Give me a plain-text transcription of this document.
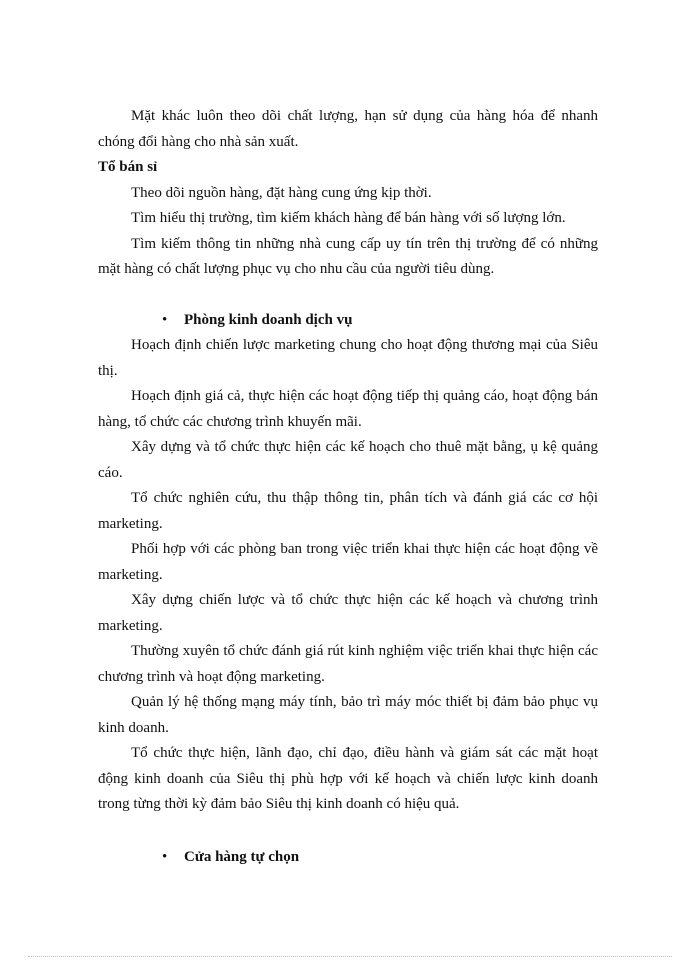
Mặt khác luôn theo dõi chất lượng, hạn sử dụng của hàng hóa để nhanh chóng đổi hàng cho nhà sản xuất.

Tổ bán sỉ

Theo dõi nguồn hàng, đặt hàng cung ứng kịp thời.

Tìm hiểu thị trường, tìm kiếm khách hàng để bán hàng với số lượng lớn.

Tìm kiếm thông tin những nhà cung cấp uy tín trên thị trường để có những mặt hàng có chất lượng phục vụ cho nhu cầu của người tiêu dùng.

•	Phòng kinh doanh dịch vụ

Hoạch định chiến lược marketing chung cho hoạt động thương mại của Siêu thị.

Hoạch định giá cả, thực hiện các hoạt động tiếp thị quảng cáo, hoạt động bán hàng, tổ chức các chương trình khuyến mãi.

Xây dựng và tổ chức thực hiện các kế hoạch cho thuê mặt bằng, ụ kệ quảng cáo.

Tổ chức nghiên cứu, thu thập thông tin, phân tích và đánh giá các cơ hội marketing.

Phối hợp với các phòng ban trong việc triển khai thực hiện các hoạt động về marketing.

Xây dựng chiến lược và tổ chức thực hiện các kế hoạch và chương trình marketing.

Thường xuyên tổ chức đánh giá rút kinh nghiệm việc triển khai thực hiện các chương trình và hoạt động marketing.

Quản lý hệ thống mạng máy tính, bảo trì máy móc thiết bị đảm bảo phục vụ kinh doanh.

Tổ chức thực hiện, lãnh đạo, chỉ đạo, điều hành và giám sát các mặt hoạt động kinh doanh của Siêu thị phù hợp với kế hoạch và chiến lược kinh doanh trong từng thời kỳ đảm bảo Siêu thị kinh doanh có hiệu quả.

•	Cửa hàng tự chọn
